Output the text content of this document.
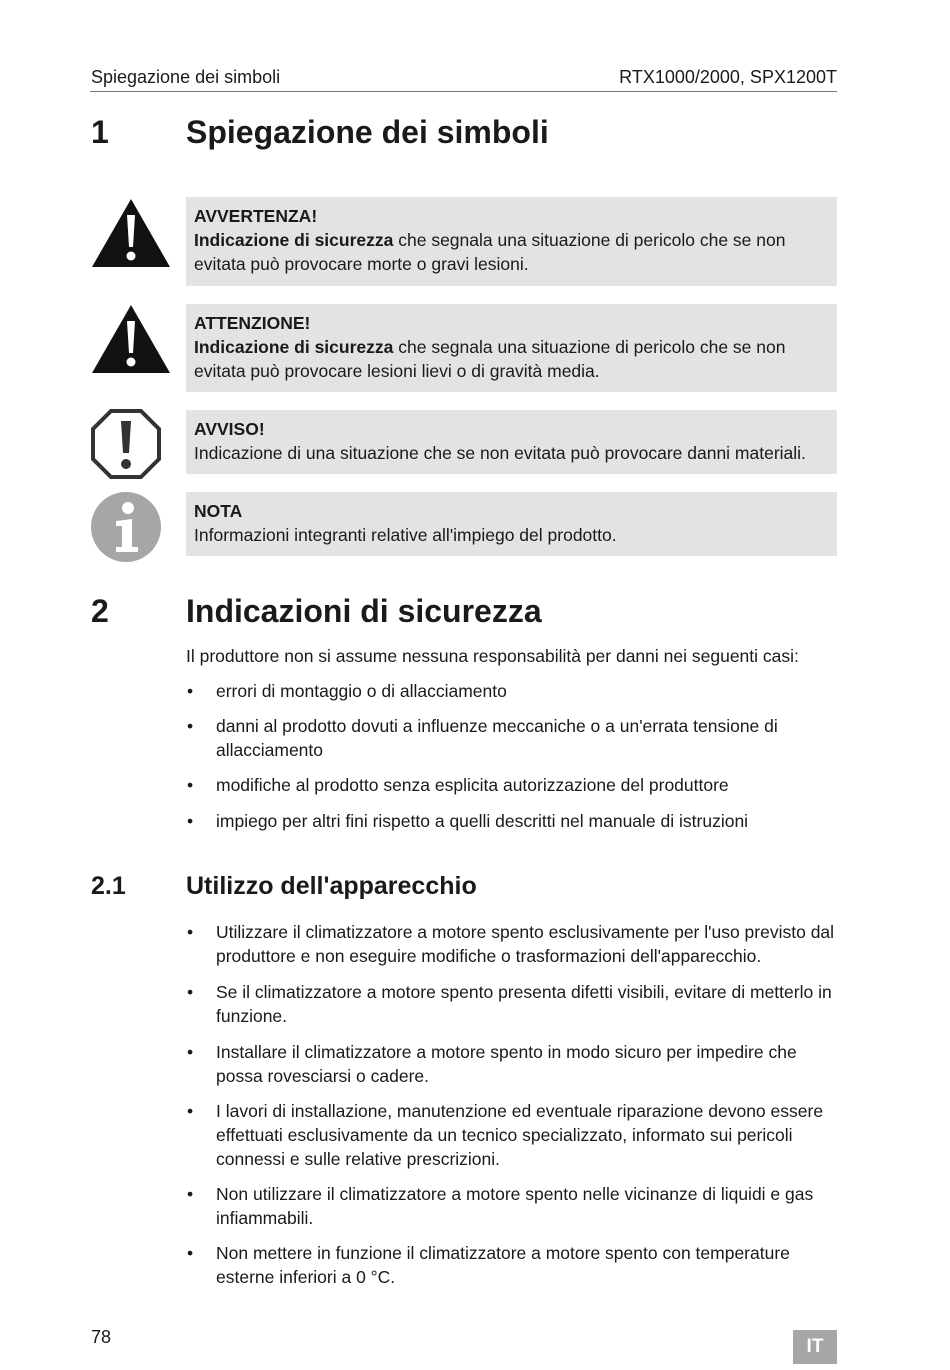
Spiegazione dei simboli	RTX1000/2000, SPX1200T
1 Spiegazione dei simboli
AVVERTENZA!
Indicazione di sicurezza che segnala una situazione di pericolo che se non evitata può provocare morte o gravi lesioni.
ATTENZIONE!
Indicazione di sicurezza che segnala una situazione di pericolo che se non evitata può provocare lesioni lievi o di gravità media.
AVVISO!
Indicazione di una situazione che se non evitata può provocare danni materiali.
NOTA
Informazioni integranti relative all'impiego del prodotto.
2 Indicazioni di sicurezza
Il produttore non si assume nessuna responsabilità per danni nei seguenti casi:
• errori di montaggio o di allacciamento
• danni al prodotto dovuti a influenze meccaniche o a un'errata tensione di allacciamento
• modifiche al prodotto senza esplicita autorizzazione del produttore
• impiego per altri fini rispetto a quelli descritti nel manuale di istruzioni
2.1 Utilizzo dell'apparecchio
• Utilizzare il climatizzatore a motore spento esclusivamente per l'uso previsto dal produttore e non eseguire modifiche o trasformazioni dell'apparecchio.
• Se il climatizzatore a motore spento presenta difetti visibili, evitare di metterlo in funzione.
• Installare il climatizzatore a motore spento in modo sicuro per impedire che possa rovesciarsi o cadere.
• I lavori di installazione, manutenzione ed eventuale riparazione devono essere effettuati esclusivamente da un tecnico specializzato, informato sui pericoli connessi e sulle relative prescrizioni.
• Non utilizzare il climatizzatore a motore spento nelle vicinanze di liquidi e gas infiammabili.
• Non mettere in funzione il climatizzatore a motore spento con temperature esterne inferiori a 0 °C.
78	IT
